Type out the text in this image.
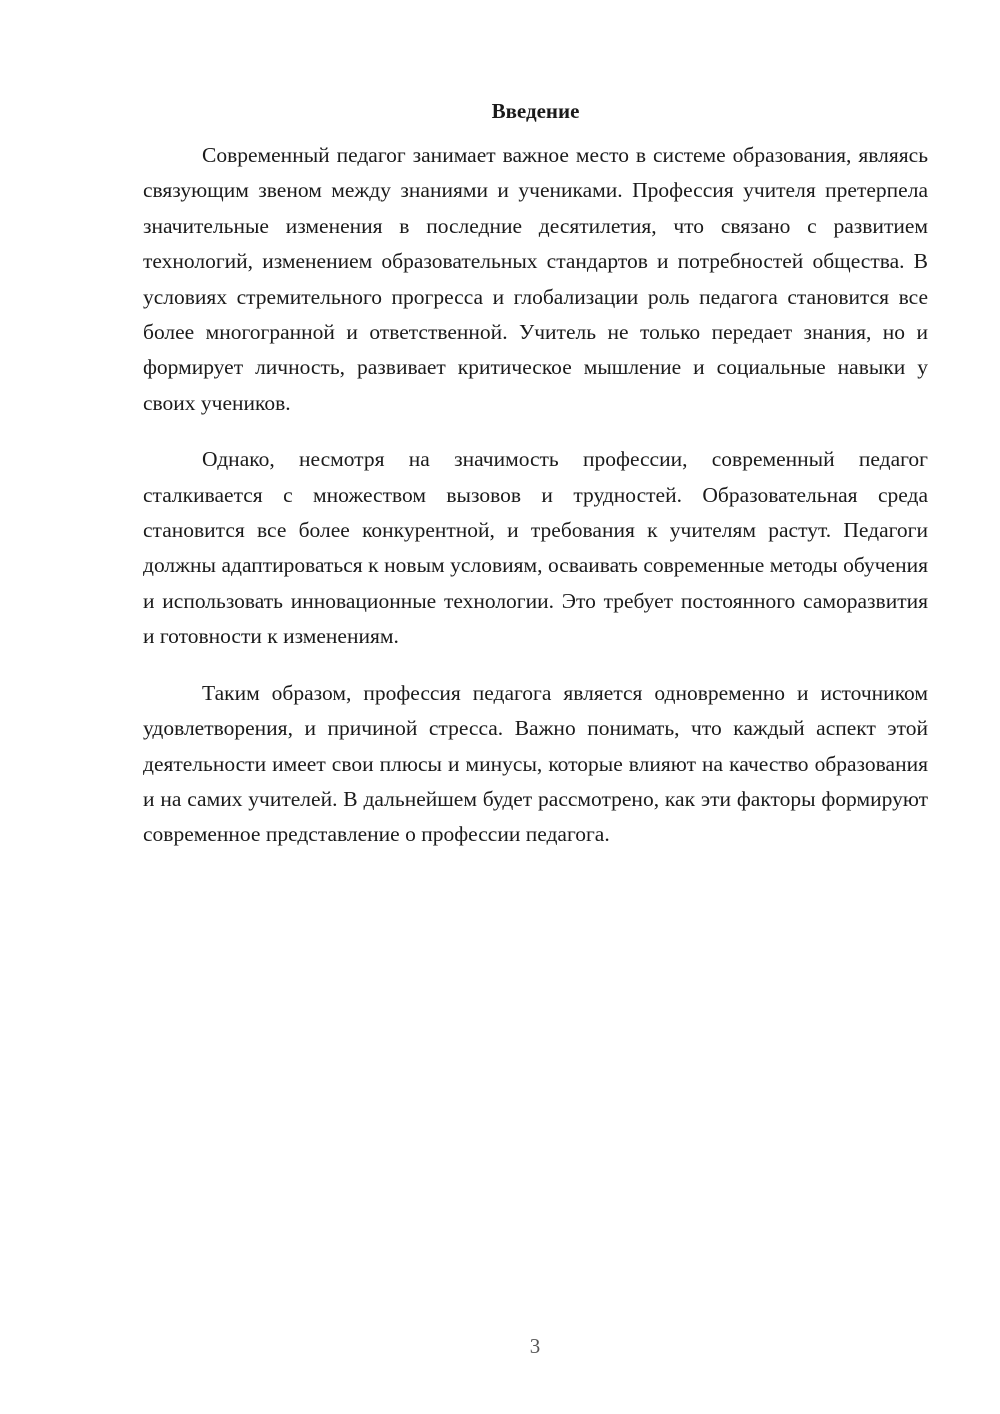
Введение

Современный педагог занимает важное место в системе образования, являясь связующим звеном между знаниями и учениками. Профессия учителя претерпела значительные изменения в последние десятилетия, что связано с развитием технологий, изменением образовательных стандартов и потребностей общества. В условиях стремительного прогресса и глобализации роль педагога становится все более многогранной и ответственной. Учитель не только передает знания, но и формирует личность, развивает критическое мышление и социальные навыки у своих учеников.

Однако, несмотря на значимость профессии, современный педагог сталкивается с множеством вызовов и трудностей. Образовательная среда становится все более конкурентной, и требования к учителям растут. Педагоги должны адаптироваться к новым условиям, осваивать современные методы обучения и использовать инновационные технологии. Это требует постоянного саморазвития и готовности к изменениям.

Таким образом, профессия педагога является одновременно и источником удовлетворения, и причиной стресса. Важно понимать, что каждый аспект этой деятельности имеет свои плюсы и минусы, которые влияют на качество образования и на самих учителей. В дальнейшем будет рассмотрено, как эти факторы формируют современное представление о профессии педагога.

3
